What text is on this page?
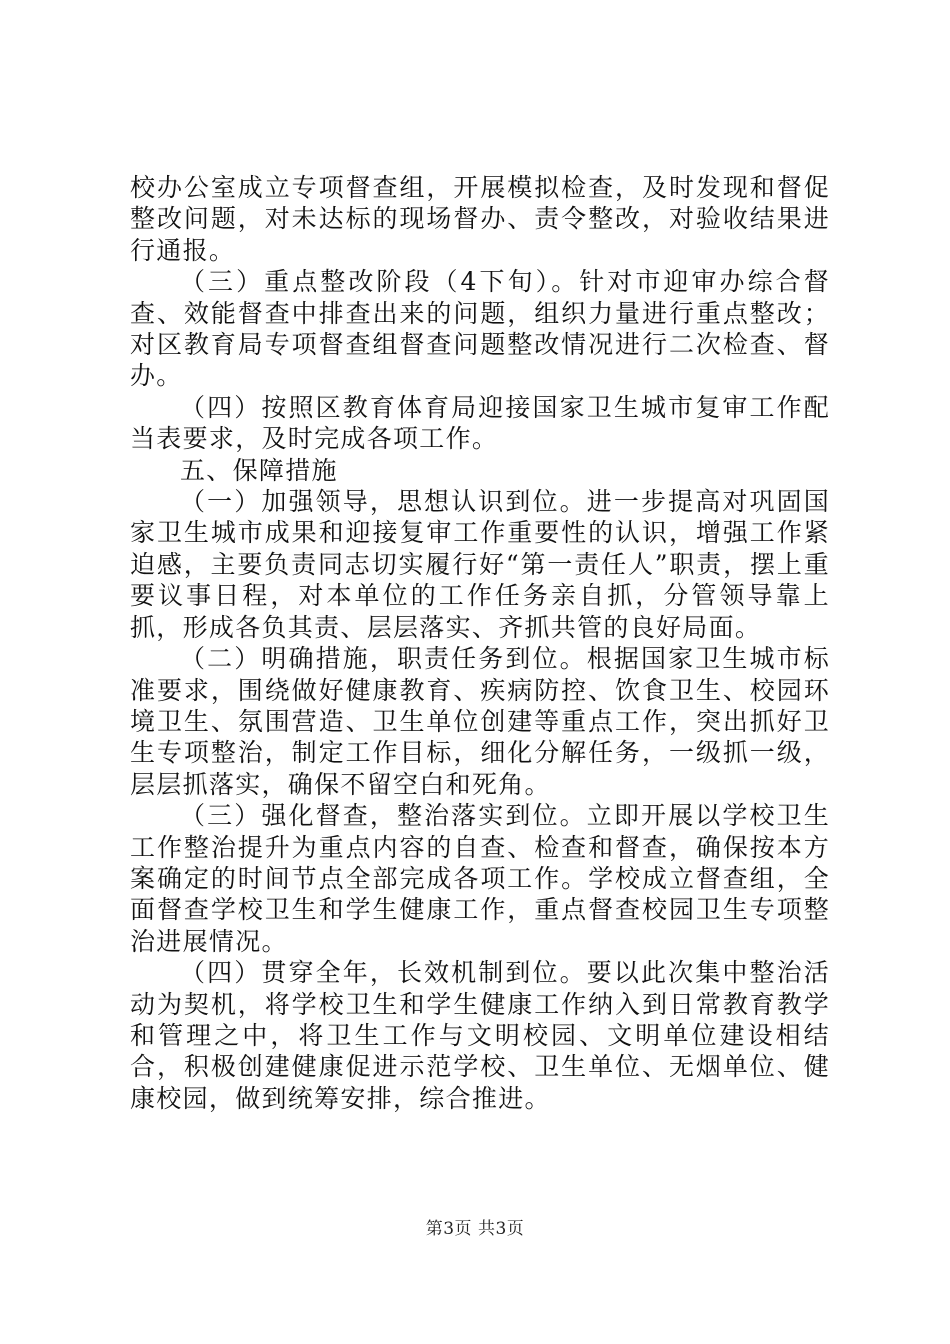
校办公室成立专项督查组，开展模拟检查，及时发现和督促整改问题，对未达标的现场督办、责令整改，对验收结果进行通报。

（三）重点整改阶段（4下旬）。针对市迎审办综合督查、效能督查中排查出来的问题，组织力量进行重点整改；对区教育局专项督查组督查问题整改情况进行二次检查、督办。

（四）按照区教育体育局迎接国家卫生城市复审工作配当表要求，及时完成各项工作。

五、保障措施

（一）加强领导，思想认识到位。进一步提高对巩固国家卫生城市成果和迎接复审工作重要性的认识，增强工作紧迫感，主要负责同志切实履行好“第一责任人”职责，摆上重要议事日程，对本单位的工作任务亲自抓，分管领导靠上抓，形成各负其责、层层落实、齐抓共管的良好局面。

（二）明确措施，职责任务到位。根据国家卫生城市标准要求，围绕做好健康教育、疾病防控、饮食卫生、校园环境卫生、氛围营造、卫生单位创建等重点工作，突出抓好卫生专项整治，制定工作目标，细化分解任务，一级抓一级，层层抓落实，确保不留空白和死角。

（三）强化督查，整治落实到位。立即开展以学校卫生工作整治提升为重点内容的自查、检查和督查，确保按本方案确定的时间节点全部完成各项工作。学校成立督查组，全面督查学校卫生和学生健康工作，重点督查校园卫生专项整治进展情况。

（四）贯穿全年，长效机制到位。要以此次集中整治活动为契机，将学校卫生和学生健康工作纳入到日常教育教学和管理之中，将卫生工作与文明校园、文明单位建设相结合，积极创建健康促进示范学校、卫生单位、无烟单位、健康校园，做到统筹安排，综合推进。

第3页 共3页
